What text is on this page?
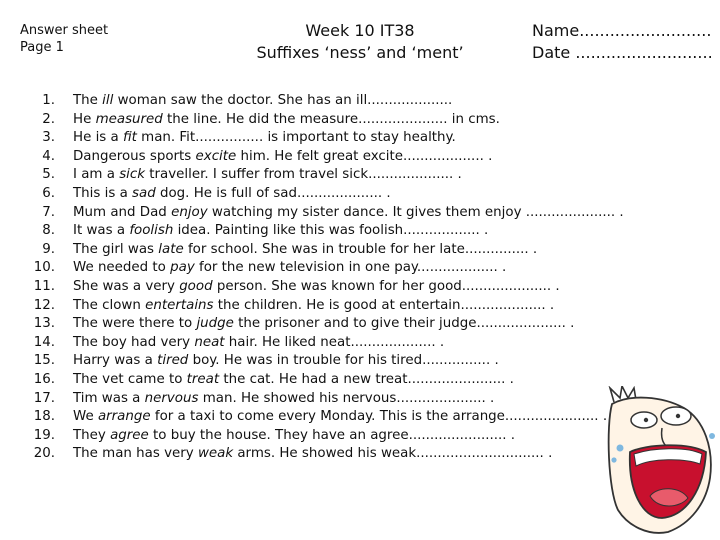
Answer sheet
Page 1
Week 10 IT38
Suffixes ‘ness’ and ‘ment’
Name..........................
Date ...........................
1.	The ill woman saw the doctor. She has an ill....................
2.	He measured the line. He did the measure..................... in cms.
3.	He is a fit man. Fit................ is important to stay healthy.
4.	Dangerous sports excite him. He felt great excite................... .
5.	I am a sick traveller. I suffer from travel sick.................... .
6.	This is a sad dog. He is full of sad.................... .
7.	Mum and Dad enjoy watching my sister dance. It gives them enjoy ..................... .
8.	It was a foolish idea. Painting like this was foolish.................. .
9.	The girl was late for school. She was in trouble for her late............... .
10.	We needed to pay for the new television in one pay................... .
11.	She was a very good person. She was known for her good..................... .
12.	The clown entertains the children. He is good at entertain.................... .
13.	The were there to judge the prisoner and to give their judge..................... .
14.	The boy had very neat hair. He liked neat.................... .
15.	Harry was a tired boy. He was in trouble for his tired................ .
16.	The vet came to treat the cat. He had a new treat....................... .
17.	Tim was a nervous man. He showed his nervous..................... .
18.	We arrange for a taxi to come every Monday. This is the arrange...................... .
19.	They agree to buy the house. They have an agree....................... .
20.	The man has very weak arms. He showed his weak.............................. .
